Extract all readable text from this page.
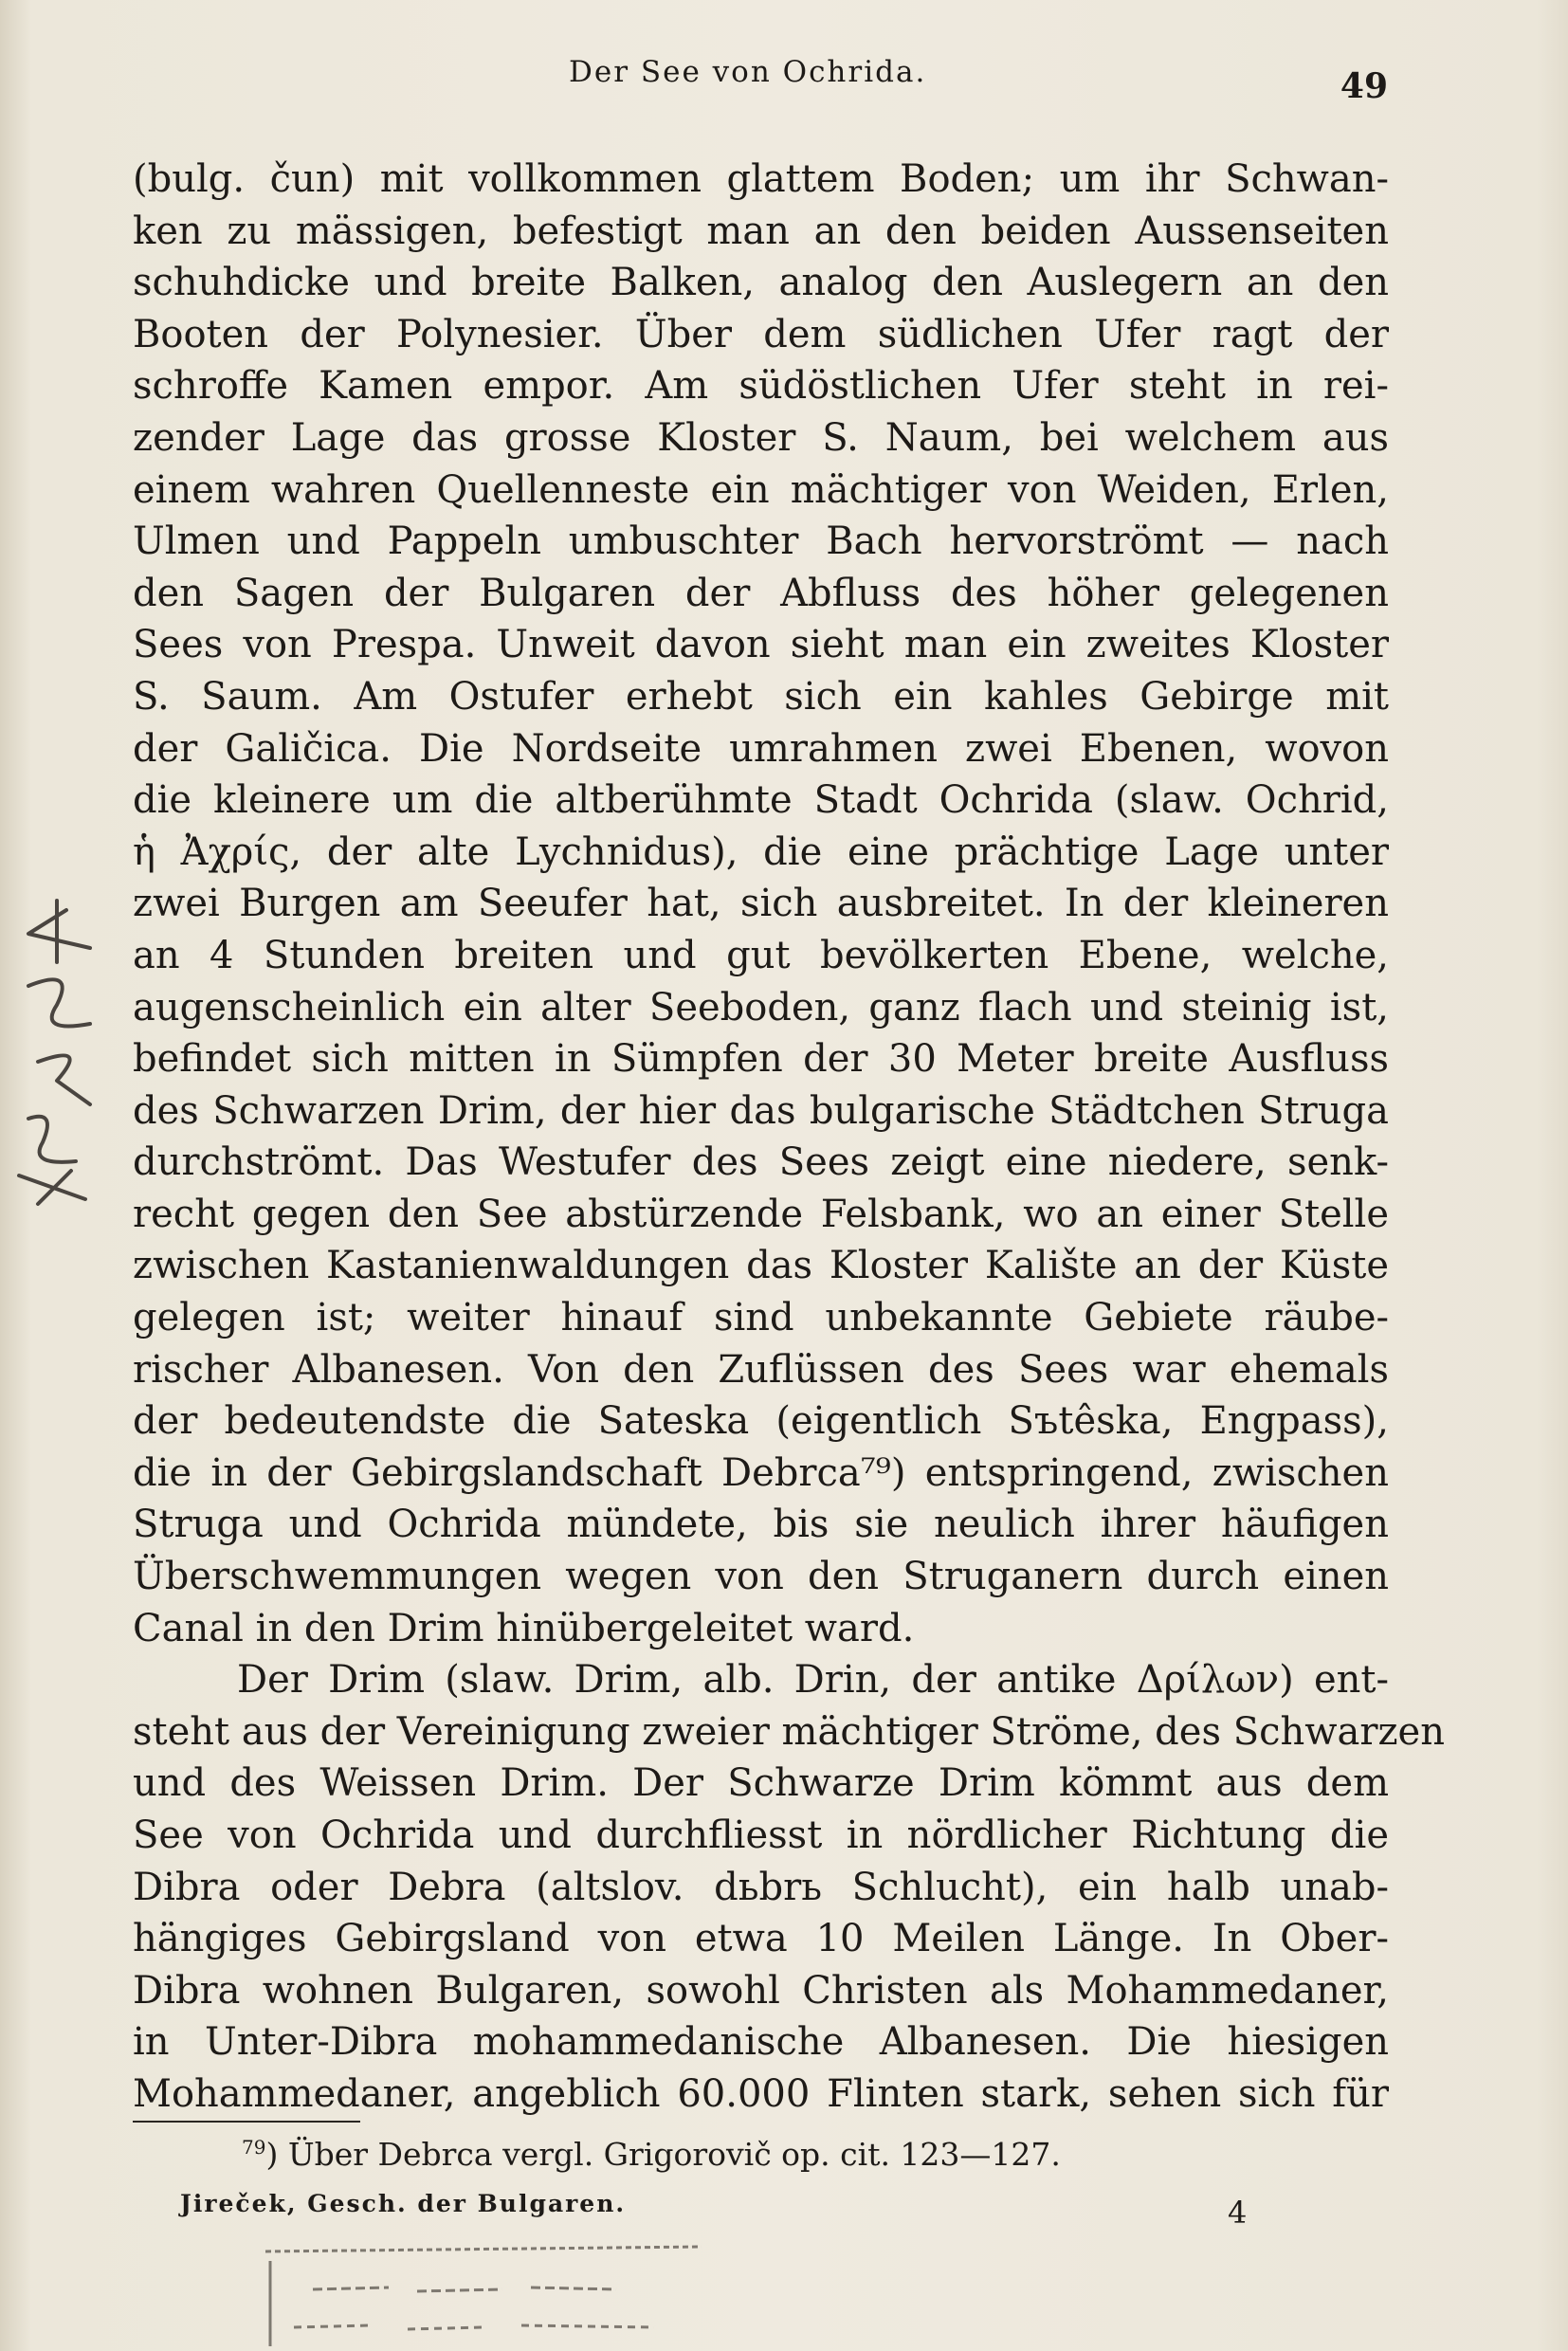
Der See von Ochrida.	49
(bulg. čun) mit vollkommen glattem Boden; um ihr Schwan-
ken zu mässigen, befestigt man an den beiden Aussenseiten
schuhdicke und breite Balken, analog den Auslegern an den
Booten der Polynesier. Über dem südlichen Ufer ragt der
schroffe Kamen empor. Am südöstlichen Ufer steht in rei-
zender Lage das grosse Kloster S. Naum, bei welchem aus
einem wahren Quellenneste ein mächtiger von Weiden, Erlen,
Ulmen und Pappeln umbuschter Bach hervorströmt — nach
den Sagen der Bulgaren der Abfluss des höher gelegenen
Sees von Prespa. Unweit davon sieht man ein zweites Kloster
S. Saum. Am Ostufer erhebt sich ein kahles Gebirge mit
der Galičica. Die Nordseite umrahmen zwei Ebenen, wovon
die kleinere um die altberühmte Stadt Ochrida (slaw. Ochrid,
ἡ Ἀχρίς, der alte Lychnidus), die eine prächtige Lage unter
zwei Burgen am Seeufer hat, sich ausbreitet. In der kleineren
an 4 Stunden breiten und gut bevölkerten Ebene, welche,
augenscheinlich ein alter Seeboden, ganz flach und steinig ist,
befindet sich mitten in Sümpfen der 30 Meter breite Ausfluss
des Schwarzen Drim, der hier das bulgarische Städtchen Struga
durchströmt. Das Westufer des Sees zeigt eine niedere, senk-
recht gegen den See abstürzende Felsbank, wo an einer Stelle
zwischen Kastanienwaldungen das Kloster Kalište an der Küste
gelegen ist; weiter hinauf sind unbekannte Gebiete räube-
rischer Albanesen. Von den Zuflüssen des Sees war ehemals
der bedeutendste die Sateska (eigentlich Sъtêska, Engpass),
die in der Gebirgslandschaft Debrca⁷⁹) entspringend, zwischen
Struga und Ochrida mündete, bis sie neulich ihrer häufigen
Überschwemmungen wegen von den Struganern durch einen
Canal in den Drim hinübergeleitet ward.
Der Drim (slaw. Drim, alb. Drin, der antike Δρίλων) ent-
steht aus der Vereinigung zweier mächtiger Ströme, des Schwarzen
und des Weissen Drim. Der Schwarze Drim kömmt aus dem
See von Ochrida und durchfliesst in nördlicher Richtung die
Dibra oder Debra (altslov. dьbrь Schlucht), ein halb unab-
hängiges Gebirgsland von etwa 10 Meilen Länge. In Ober-
Dibra wohnen Bulgaren, sowohl Christen als Mohammedaner,
in Unter-Dibra mohammedanische Albanesen. Die hiesigen
Mohammedaner, angeblich 60.000 Flinten stark, sehen sich für
$^{79}$) Über Debrca vergl. Grigorovič op. cit. 123—127.
Jireček, Gesch. der Bulgaren.	4
